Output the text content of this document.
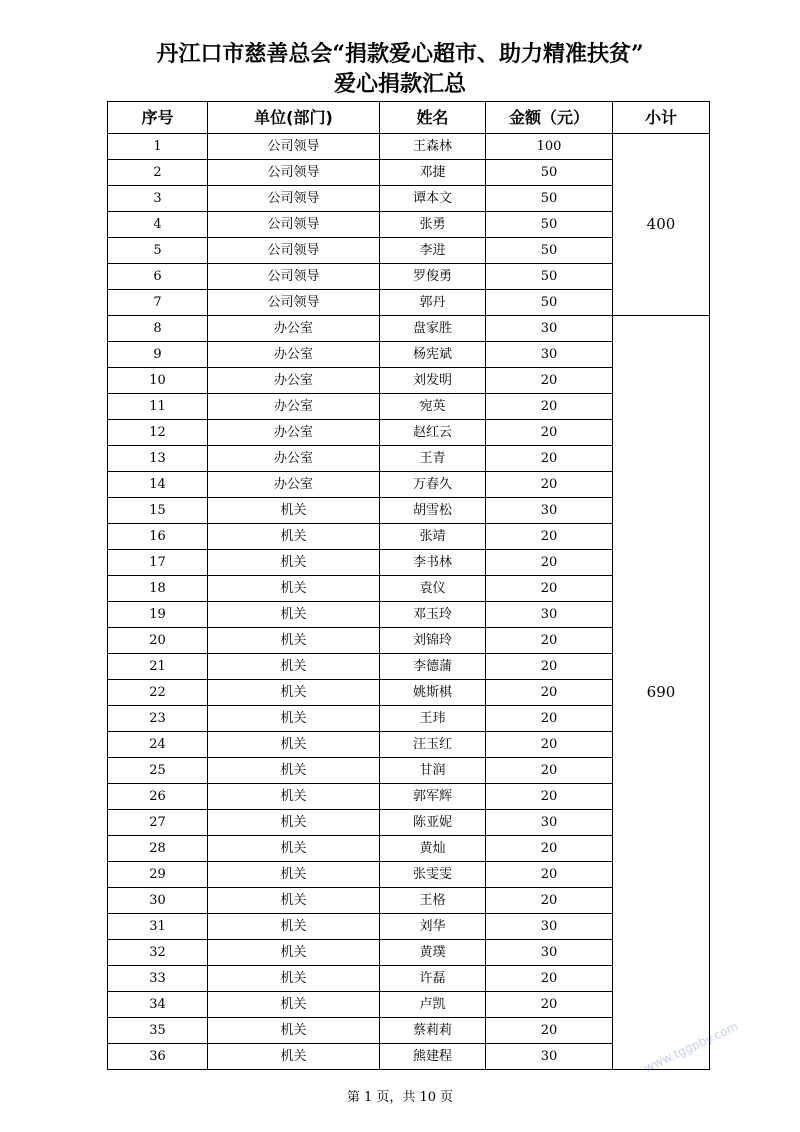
丹江口市慈善总会“捐款爱心超市、助力精准扶贫”
爱心捐款汇总
序号	单位(部门)	姓名	金额（元）	小计
1	公司领导	王森林	100	400
2	公司领导	邓捷	50	
3	公司领导	谭本文	50	
4	公司领导	张勇	50	
5	公司领导	李进	50	
6	公司领导	罗俊勇	50	
7	公司领导	郭丹	50	
8	办公室	盘家胜	30	690
9	办公室	杨宪斌	30	
10	办公室	刘发明	20	
11	办公室	宛英	20	
12	办公室	赵红云	20	
13	办公室	王青	20	
14	办公室	万春久	20	
15	机关	胡雪松	30	
16	机关	张靖	20	
17	机关	李书林	20	
18	机关	袁仪	20	
19	机关	邓玉玲	30	
20	机关	刘锦玲	20	
21	机关	李德蒲	20	
22	机关	姚斯棋	20	
23	机关	王玮	20	
24	机关	汪玉红	20	
25	机关	甘润	20	
26	机关	郭军辉	20	
27	机关	陈亚妮	30	
28	机关	黄灿	20	
29	机关	张雯雯	20	
30	机关	王格	20	
31	机关	刘华	30	
32	机关	黄璞	30	
33	机关	许磊	20	
34	机关	卢凯	20	
35	机关	蔡莉莉	20	
36	机关	熊建程	30	
第 1 页，共 10 页
www.tggpby.com
